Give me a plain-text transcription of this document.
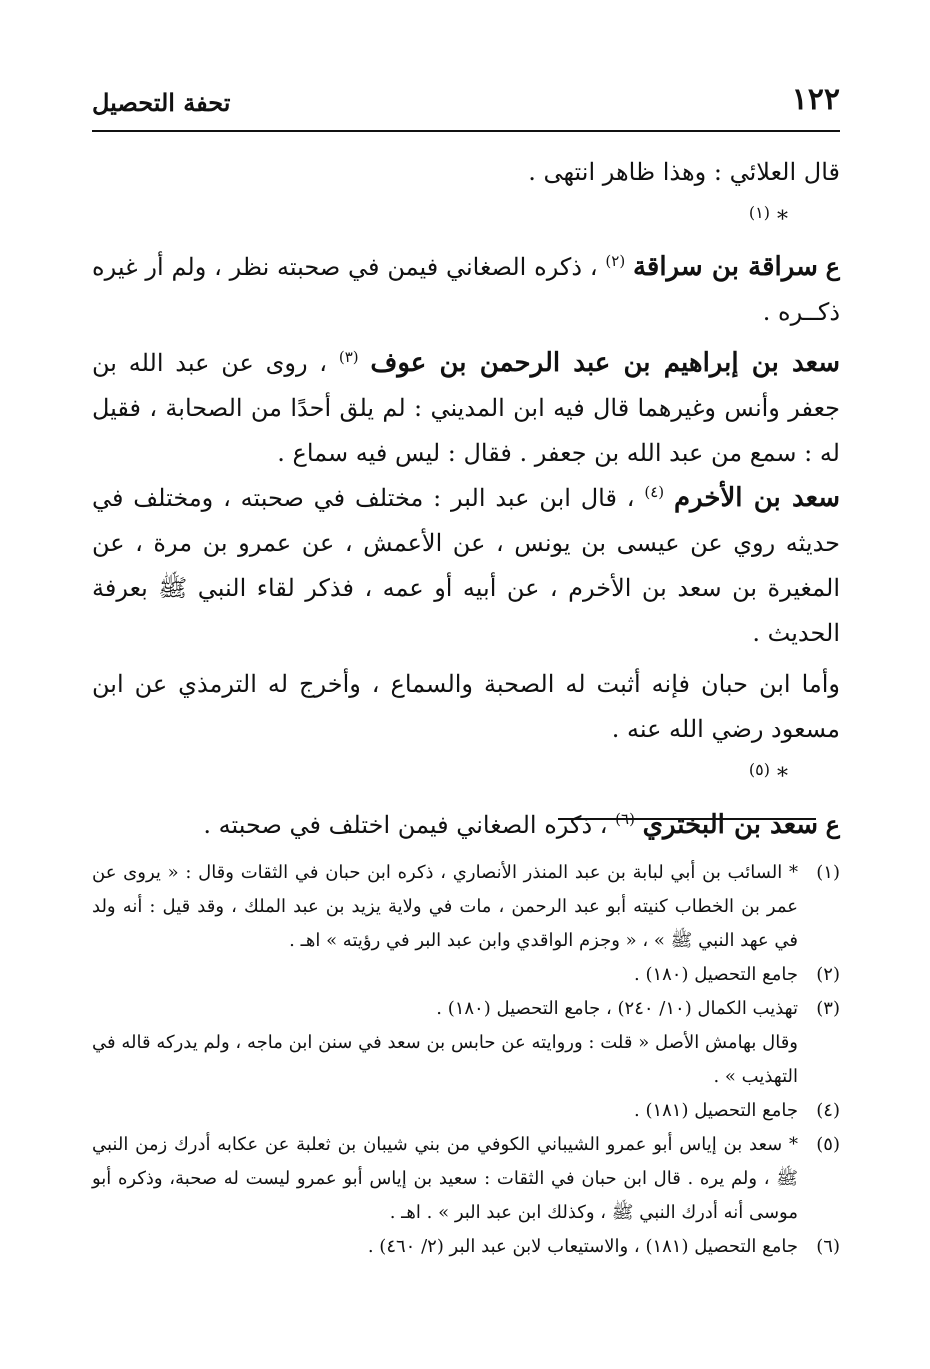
١٢٢
تحفة التحصيل

قال العلائي : وهذا ظاهر انتهى .

* $^{(١)}$

ع سراقة بن سراقة $^{(٢)}$ ، ذكره الصغاني فيمن في صحبته نظر ، ولم أر غيره ذكــره .

سعد بن إبراهيم بن عبد الرحمن بن عوف $^{(٣)}$ ، روى عن عبد الله بن جعفر وأنس وغيرهما قال فيه ابن المديني : لم يلق أحدًا من الصحابة ، فقيل له : سمع من عبد الله بن جعفر . فقال : ليس فيه سماع .

سعد بن الأخرم $^{(٤)}$ ، قال ابن عبد البر : مختلف في صحبته ، ومختلف في حديثه روي عن عيسى بن يونس ، عن الأعمش ، عن عمرو بن مرة ، عن المغيرة بن سعد بن الأخرم ، عن أبيه أو عمه ، فذكر لقاء النبي ﷺ بعرفة الحديث .

وأما ابن حبان فإنه أثبت له الصحبة والسماع ، وأخرج له الترمذي عن ابن مسعود رضي الله عنه .

* $^{(٥)}$

ع سعد بن البختري $^{(٦)}$ ، ذكره الصغاني فيمن اختلف في صحبته .

(١)
* السائب بن أبي لبابة بن عبد المنذر الأنصاري ، ذكره ابن حبان في الثقات وقال : « يروى عن عمر بن الخطاب كنيته أبو عبد الرحمن ، مات في ولاية يزيد بن عبد الملك ، وقد قيل : أنه ولد في عهد النبي ﷺ » ، « وجزم الواقدي وابن عبد البر في رؤيته » اهـ .
(٢)
جامع التحصيل (١٨٠) .
(٣)
تهذيب الكمال (١٠/ ٢٤٠) ، جامع التحصيل (١٨٠) .
وقال بهامش الأصل « قلت : وروايته عن حابس بن سعد في سنن ابن ماجه ، ولم يدركه قاله في التهذيب » .
(٤)
جامع التحصيل (١٨١) .
(٥)
* سعد بن إياس أبو عمرو الشيباني الكوفي من بني شيبان بن ثعلبة عن عكابه أدرك زمن النبي ﷺ ، ولم يره . قال ابن حبان في الثقات : سعيد بن إياس أبو عمرو ليست له صحبة، وذكره أبو موسى أنه أدرك النبي ﷺ ، وكذلك ابن عبد البر » . اهـ .
(٦)
جامع التحصيل (١٨١) ، والاستيعاب لابن عبد البر (٢/ ٤٦٠) .
